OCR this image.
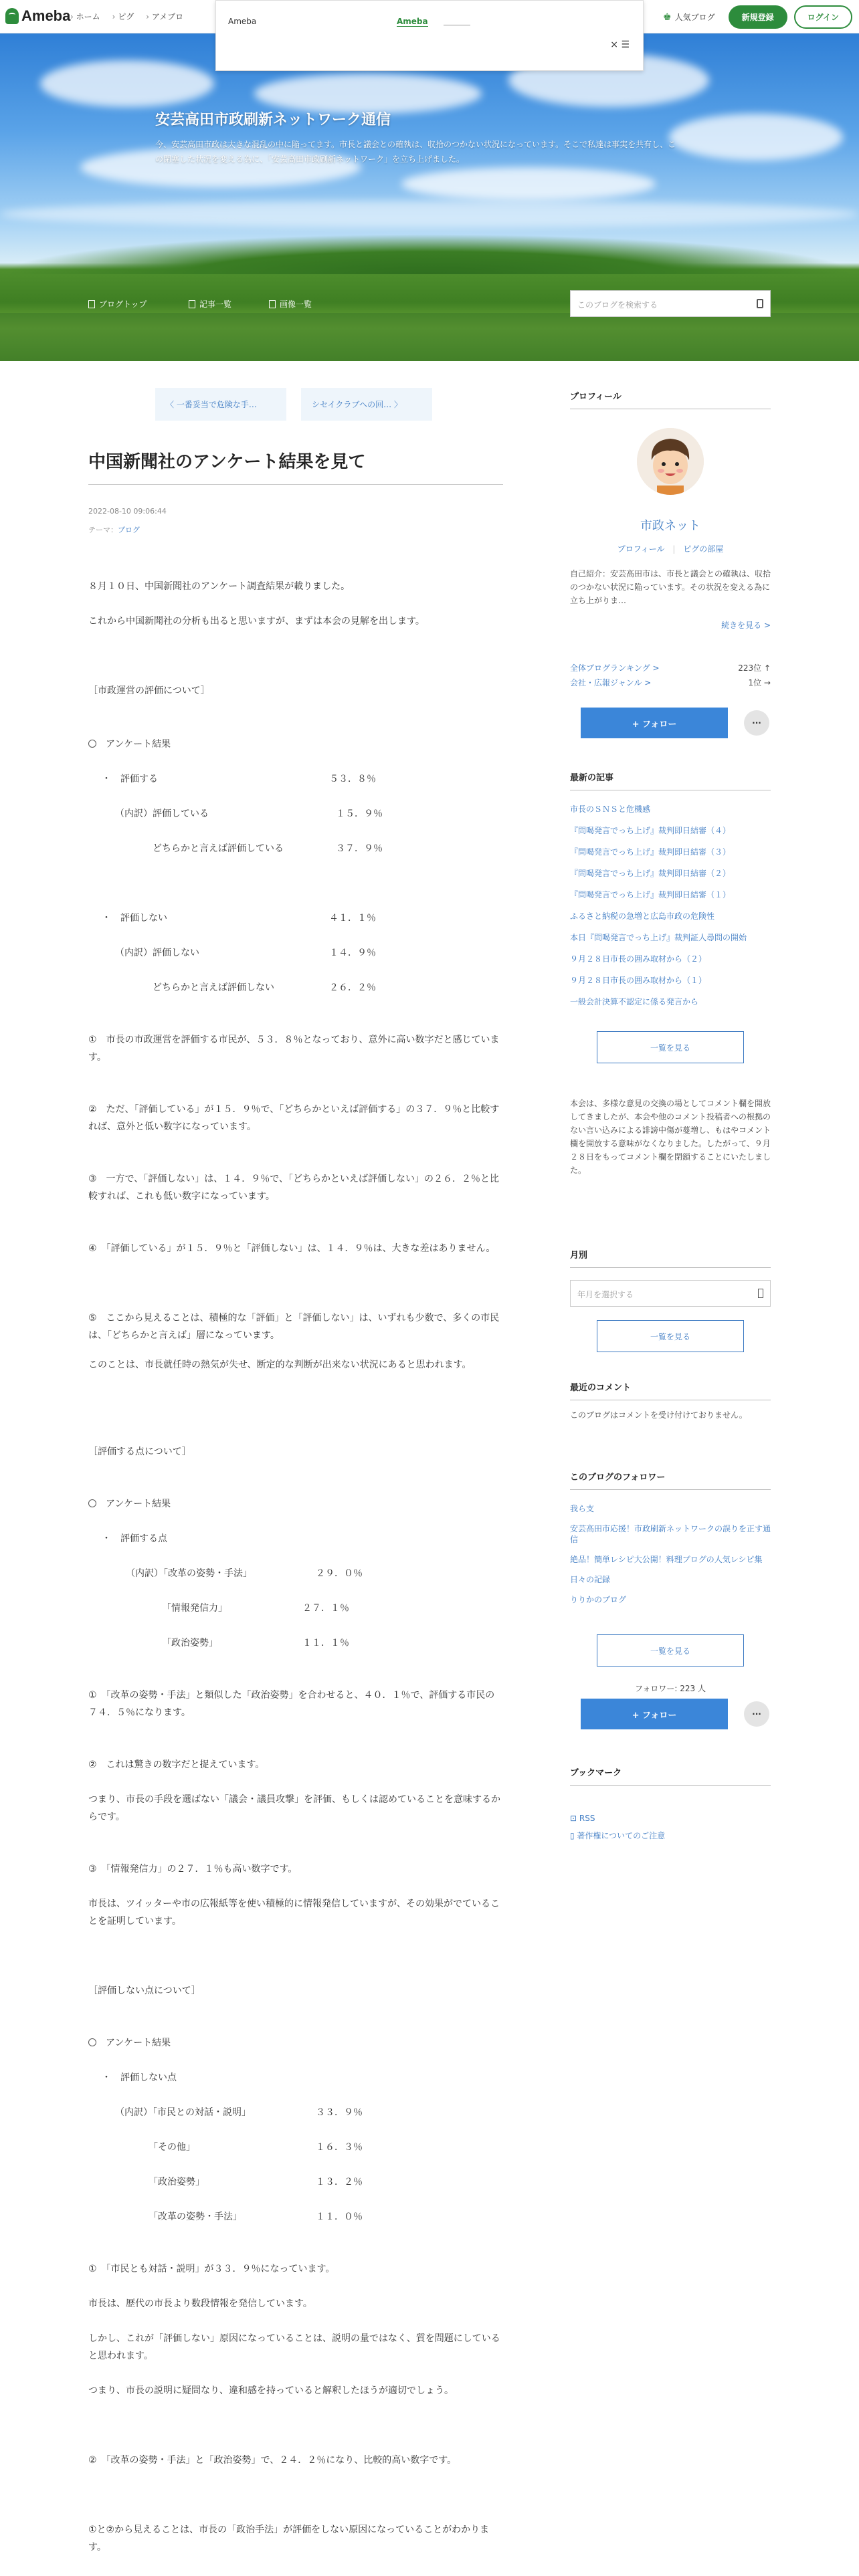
Ameba › ホーム	› ピグ	› アメブロ	♚ 人気ブログ	新規登録	ログイン
Ameba	Ameba
× ☰
安芸高田市政刷新ネットワーク通信
今、安芸高田市政は大きな混乱の中に陥ってます。市長と議会との確執は、収拾のつかない状況になっています。そこで私達は事実を共有し、この閉塞した状況を変える為に、「安芸高田市政刷新ネットワーク」を立ち上げました。
ブログトップ	記事一覧	画像一覧	このブログを検索する
〈 一番妥当で危険な手…	シセイクラブへの回… 〉
中国新聞社のアンケート結果を見て
2022-08-10 09:06:44
テーマ：ブログ
８月１０日、中国新聞社のアンケート調査結果が載りました。
これから中国新聞社の分析も出ると思いますが、まずは本会の見解を出します。
［市政運営の評価について］
アンケート結果
・　評価する	５３．８％
（内訳）評価している	１５．９％
どちらかと言えば評価している	３７．９％
・　評価しない	４１．１％
（内訳）評価しない	１４．９％
どちらかと言えば評価しない	２６．２％
①　市長の市政運営を評価する市民が、５３．８％となっており、意外に高い数字だと感じています。
②　ただ、「評価している」が１５．９％で、「どちらかといえば評価する」の３７．９％と比較すれば、意外と低い数字になっています。
③　一方で、「評価しない」は、１４．９％で、「どちらかといえば評価しない」の２６．２％と比較すれば、これも低い数字になっています。
④　「評価している」が１５．９％と「評価しない」は、１４．９％は、大きな差はありません。
⑤　ここから見えることは、積極的な「評価」と「評価しない」は、いずれも少数で、多くの市民は、「どちらかと言えば」層になっています。
このことは、市長就任時の熱気が失せ、断定的な判断が出来ない状況にあると思われます。
［評価する点について］
アンケート結果
・　評価する点
（内訳）「改革の姿勢・手法」	２９．０％
「情報発信力」	２７．１％
「政治姿勢」	１１．１％
①　「改革の姿勢・手法」と類似した「政治姿勢」を合わせると、４０．１％で、評価する市民の７４．５％になります。
②　これは驚きの数字だと捉えています。
つまり、市長の手段を選ばない「議会・議員攻撃」を評価、もしくは認めていることを意味するからです。
③　「情報発信力」の２７．１％も高い数字です。
市長は、ツイッターや市の広報紙等を使い積極的に情報発信していますが、その効果がでていることを証明しています。
［評価しない点について］
アンケート結果
・　評価しない点
（内訳）「市民との対話・説明」	３３．９％
「その他」	１６．３％
「政治姿勢」	１３．２％
「改革の姿勢・手法」	１１．０％
①　「市民とも対話・説明」が３３．９％になっています。
市長は、歴代の市長より数段情報を発信しています。
しかし、これが「評価しない」原因になっていることは、説明の量ではなく、質を問題にしていると思われます。
つまり、市長の説明に疑問なり、違和感を持っていると解釈したほうが適切でしょう。
②　「改革の姿勢・手法」と「政治姿勢」で、２４．２％になり、比較的高い数字です。
①と②から見えることは、市長の「政治手法」が評価をしない原因になっていることがわかります。
プロフィール
市政ネット
プロフィール | ピグの部屋
自己紹介：安芸高田市は、市長と議会との確執は、収拾のつかない状況に陥っています。その状況を変える為に立ち上がりま…
続きを見る >
全体ブログランキング >	223位 ↑
会社・広報ジャンル >	1位 →
+ フォロー	···
最新の記事
市長のＳＮＳと危機感
『問喝発言でっち上げ』裁判即日結審（４）
『問喝発言でっち上げ』裁判即日結審（３）
『問喝発言でっち上げ』裁判即日結審（２）
『問喝発言でっち上げ』裁判即日結審（１）
ふるさと納税の急増と広島市政の危険性
本日『問喝発言でっち上げ』裁判証人尋問の開始
９月２８日市長の囲み取材から（２）
９月２８日市長の囲み取材から（１）
一般会計決算不認定に係る発言から
一覧を見る
本会は、多様な意見の交換の場としてコメント欄を開放してきましたが、本会や他のコメント投稿者への根拠のない言い込みによる誹謗中傷が蔓増し、もはやコメント欄を開放する意味がなくなりました。したがって、９月２８日をもってコメント欄を閉鎖することにいたしました。
月別
年月を選択する
一覧を見る
最近のコメント
このブログはコメントを受け付けておりません。
このブログのフォロワー
我ら支
安芸高田市応援！市政刷新ネットワークの誤りを正す通信
絶品！簡単レシピ大公開！料理ブログの人気レシピ集
日々の記録
りりかのブログ
一覧を見る
フォロワー: 223 人
+ フォロー	···
ブックマーク
⊡ RSS
▯ 著作権についてのご注意
